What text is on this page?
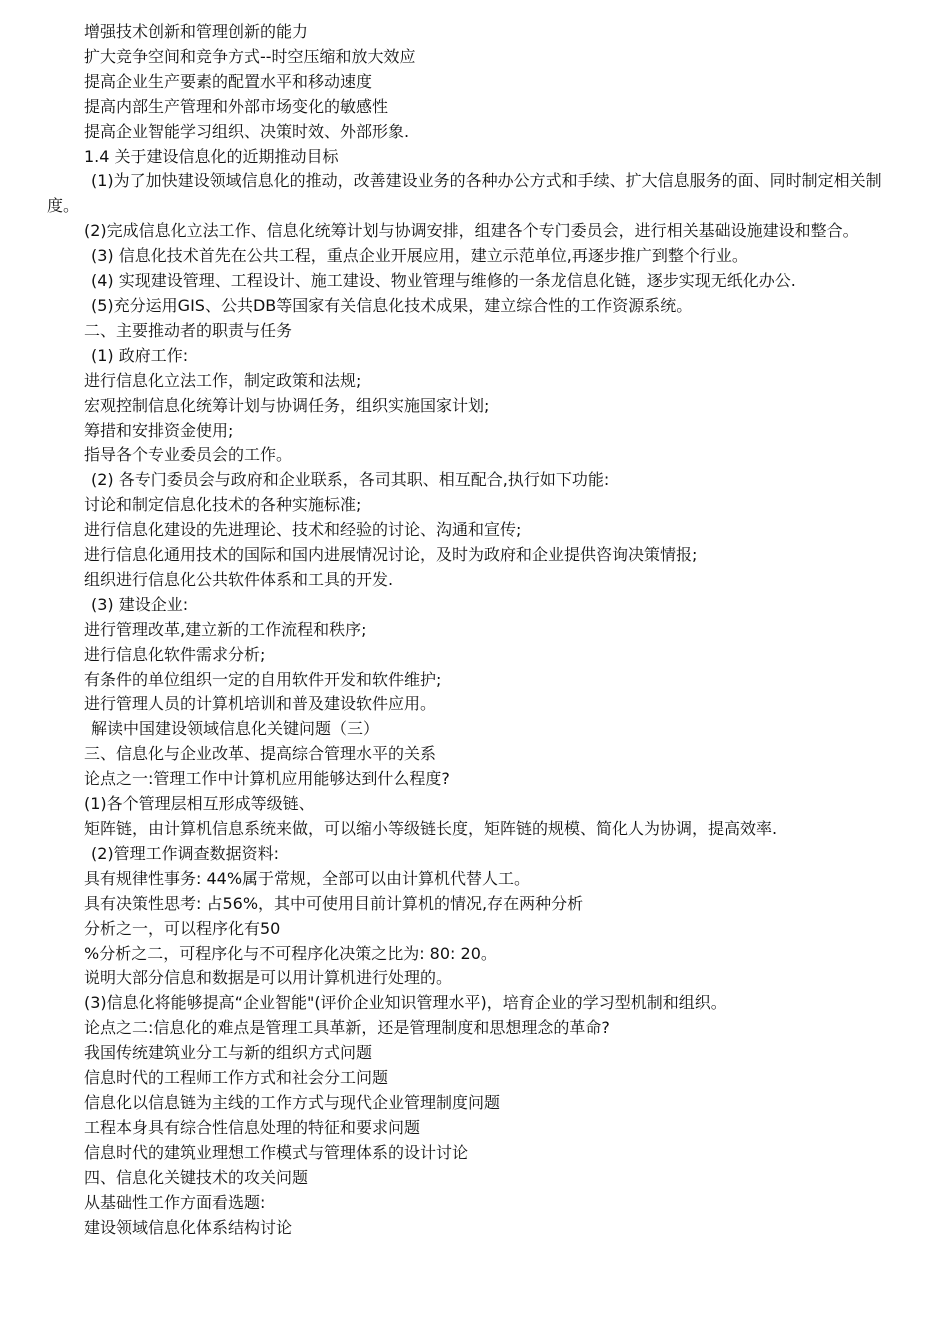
增强技术创新和管理创新的能力

扩大竞争空间和竞争方式--时空压缩和放大效应

提高企业生产要素的配置水平和移动速度

提高内部生产管理和外部市场变化的敏感性

提高企业智能学习组织、决策时效、外部形象.

1.4 关于建设信息化的近期推动目标

(1)为了加快建设领域信息化的推动，改善建设业务的各种办公方式和手续、扩大信息服务的面、同时制定相关制度。

(2)完成信息化立法工作、信息化统筹计划与协调安排，组建各个专门委员会，进行相关基础设施建设和整合。

(3) 信息化技术首先在公共工程，重点企业开展应用，建立示范单位,再逐步推广到整个行业。

(4) 实现建设管理、工程设计、施工建设、物业管理与维修的一条龙信息化链，逐步实现无纸化办公.

(5)充分运用GIS、公共DB等国家有关信息化技术成果，建立综合性的工作资源系统。

二、主要推动者的职责与任务

(1) 政府工作:

进行信息化立法工作，制定政策和法规;

宏观控制信息化统筹计划与协调任务，组织实施国家计划;

筹措和安排资金使用;

指导各个专业委员会的工作。

(2) 各专门委员会与政府和企业联系，各司其职、相互配合,执行如下功能:

讨论和制定信息化技术的各种实施标准;

进行信息化建设的先进理论、技术和经验的讨论、沟通和宣传;

进行信息化通用技术的国际和国内进展情况讨论，及时为政府和企业提供咨询决策情报;

组织进行信息化公共软件体系和工具的开发.

(3) 建设企业:

进行管理改革,建立新的工作流程和秩序;

进行信息化软件需求分析;

有条件的单位组织一定的自用软件开发和软件维护;

进行管理人员的计算机培训和普及建设软件应用。

解读中国建设领域信息化关键问题（三）

三、信息化与企业改革、提高综合管理水平的关系

论点之一:管理工作中计算机应用能够达到什么程度?

(1)各个管理层相互形成等级链、

矩阵链，由计算机信息系统来做，可以缩小等级链长度，矩阵链的规模、简化人为协调，提高效率.

(2)管理工作调查数据资料:

具有规律性事务: 44%属于常规，全部可以由计算机代替人工。

具有决策性思考: 占56%，其中可使用目前计算机的情况,存在两种分析

分析之一，可以程序化有50

%分析之二，可程序化与不可程序化决策之比为: 80: 20。

说明大部分信息和数据是可以用计算机进行处理的。

(3)信息化将能够提高“企业智能"(评价企业知识管理水平)，培育企业的学习型机制和组织。

论点之二:信息化的难点是管理工具革新，还是管理制度和思想理念的革命?

我国传统建筑业分工与新的组织方式问题

信息时代的工程师工作方式和社会分工问题

信息化以信息链为主线的工作方式与现代企业管理制度问题

工程本身具有综合性信息处理的特征和要求问题

信息时代的建筑业理想工作模式与管理体系的设计讨论

四、信息化关键技术的攻关问题

从基础性工作方面看选题:

建设领域信息化体系结构讨论
